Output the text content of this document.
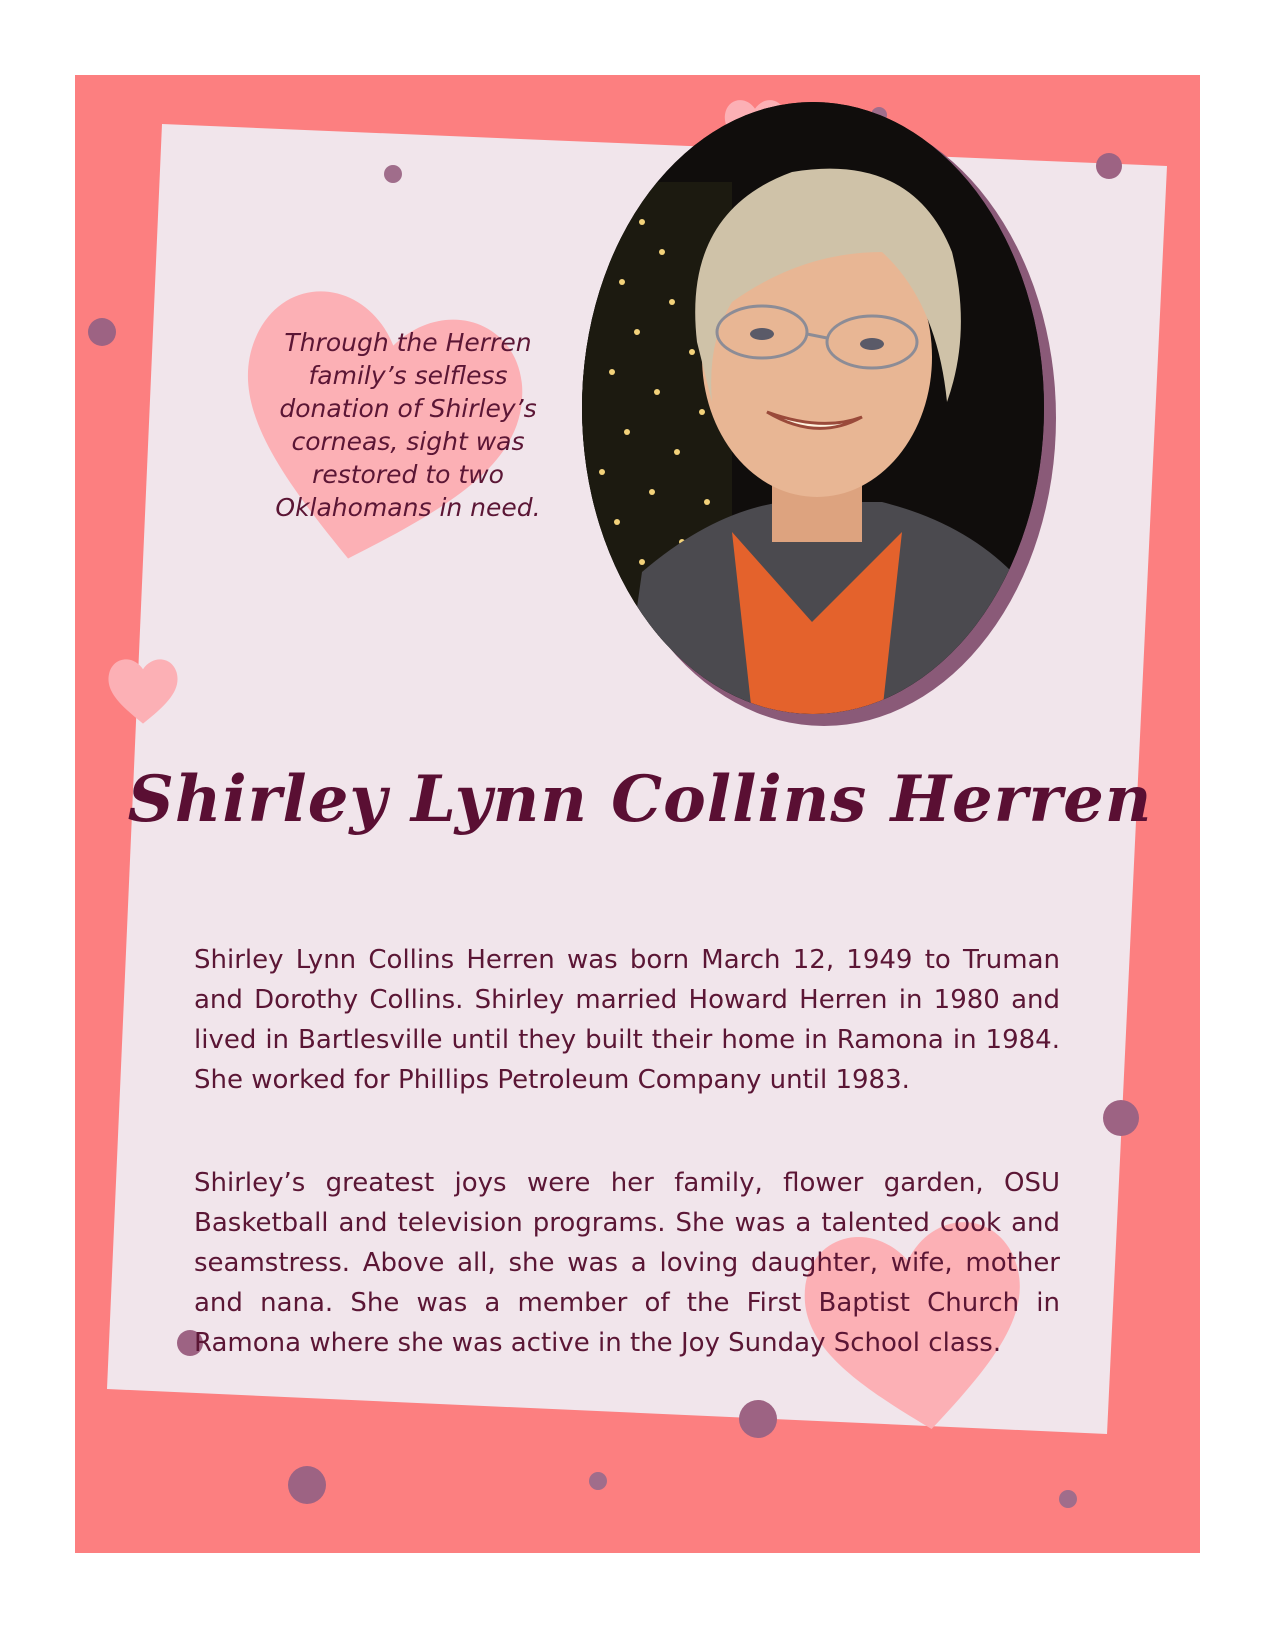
Through the Herren family’s selfless donation of Shirley’s corneas, sight was restored to two Oklahomans in need.
Shirley Lynn Collins Herren
Shirley Lynn Collins Herren was born March 12, 1949 to Truman and Dorothy Collins. Shirley married Howard Herren in 1980 and lived in Bartlesville until they built their home in Ramona in 1984. She worked for Phillips Petroleum Company until 1983.
Shirley’s greatest joys were her family, flower garden, OSU Basketball and television programs. She was a talented cook and seamstress. Above all, she was a loving daughter, wife, mother and nana. She was a member of the First Baptist Church in Ramona where she was active in the Joy Sunday School class.
